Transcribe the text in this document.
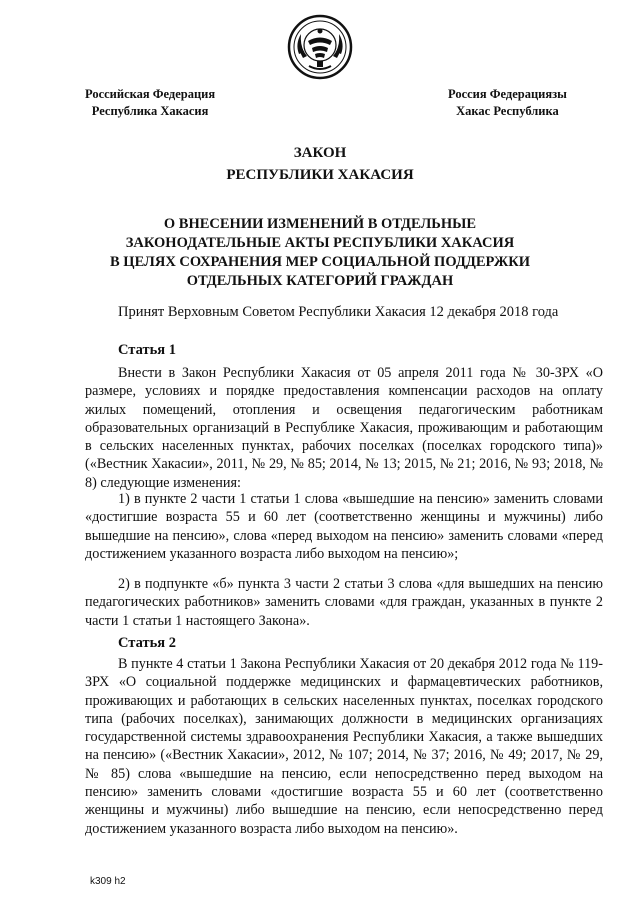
Российская Федерация
Республика Хакасия
Россия Федерациязы
Хакас Республика
ЗАКОН
РЕСПУБЛИКИ ХАКАСИЯ
О ВНЕСЕНИИ ИЗМЕНЕНИЙ В ОТДЕЛЬНЫЕ
ЗАКОНОДАТЕЛЬНЫЕ АКТЫ РЕСПУБЛИКИ ХАКАСИЯ
В ЦЕЛЯХ СОХРАНЕНИЯ МЕР СОЦИАЛЬНОЙ ПОДДЕРЖКИ
ОТДЕЛЬНЫХ КАТЕГОРИЙ ГРАЖДАН
Принят Верховным Советом Республики Хакасия 12 декабря 2018 года
Статья 1

Внести в Закон Республики Хакасия от 05 апреля 2011 года № 30-ЗРХ «О размере, условиях и порядке предоставления компенсации расходов на оплату жилых помещений, отопления и освещения педагогическим работникам образовательных организаций в Республике Хакасия, проживающим и работающим в сельских населенных пунктах, рабочих поселках (поселках городского типа)» («Вестник Хакасии», 2011, № 29, № 85; 2014, № 13; 2015, № 21; 2016, № 93; 2018, № 8) следующие изменения:

1) в пункте 2 части 1 статьи 1 слова «вышедшие на пенсию» заменить словами «достигшие возраста 55 и 60 лет (соответственно женщины и мужчины) либо вышедшие на пенсию», слова «перед выходом на пенсию» заменить словами «перед достижением указанного возраста либо выходом на пенсию»;

2) в подпункте «б» пункта 3 части 2 статьи 3 слова «для вышедших на пенсию педагогических работников» заменить словами «для граждан, указанных в пункте 2 части 1 статьи 1 настоящего Закона».

Статья 2

В пункте 4 статьи 1 Закона Республики Хакасия от 20 декабря 2012 года № 119-ЗРХ «О социальной поддержке медицинских и фармацевтических работников, проживающих и работающих в сельских населенных пунктах, поселках городского типа (рабочих поселках), занимающих должности в медицинских организациях государственной системы здравоохранения Республики Хакасия, а также вышедших на пенсию» («Вестник Хакасии», 2012, № 107; 2014, № 37; 2016, № 49; 2017, № 29, № 85) слова «вышедшие на пенсию, если непосредственно перед выходом на пенсию» заменить словами «достигшие возраста 55 и 60 лет (соответственно женщины и мужчины) либо вышедшие на пенсию, если непосредственно перед достижением указанного возраста либо выходом на пенсию».

k309 h2
